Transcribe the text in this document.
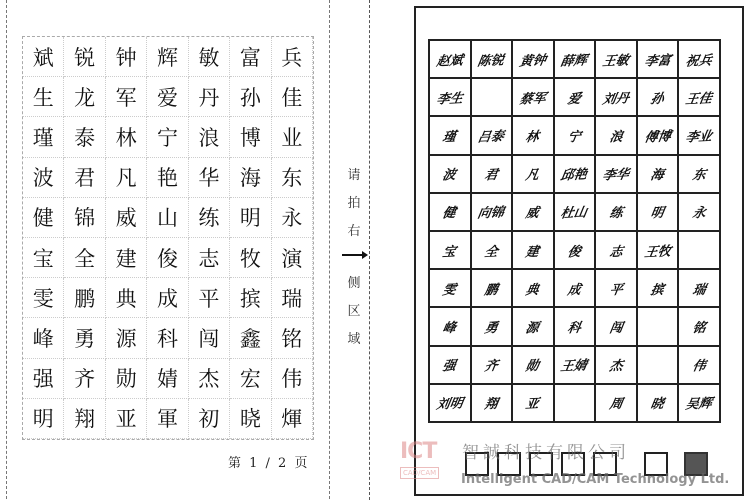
斌 锐 钟 辉 敏 富 兵
生 龙 军 爱 丹 孙 佳
瑾 泰 林 宁 浪 博 业
波 君 凡 艳 华 海 东
健 锦 威 山 练 明 永
宝 全 建 俊 志 牧 演
雯 鹏 典 成 平 摈 瑞
峰 勇 源 科 闯 鑫 铭
强 齐 勋 婧 杰 宏 伟
明 翔 亚 軍 初 晓 煇
第 1 / 2 页
请
拍
右
侧
区
域
赵斌 陈锐 黄钟 薛辉 王敏 李富 祝兵
李生	蔡军 爱 刘丹 孙 王佳
瑾 吕泰 林 宁 浪 傅博 李业
波 君 凡 邱艳 李华 海 东
健 向锦 威 杜山 练 明 永
宝 全 建 俊 志 王牧
雯 鹏 典 成 平 摈 瑞
峰 勇 源 科 闯	铭
强 齐 勋 王婧 杰	伟
刘明 翔 亚	周 晓 吴辉
ICT
CAD/CAM
智誠科技有限公司
Intelligent CAD/CAM Technology Ltd.
